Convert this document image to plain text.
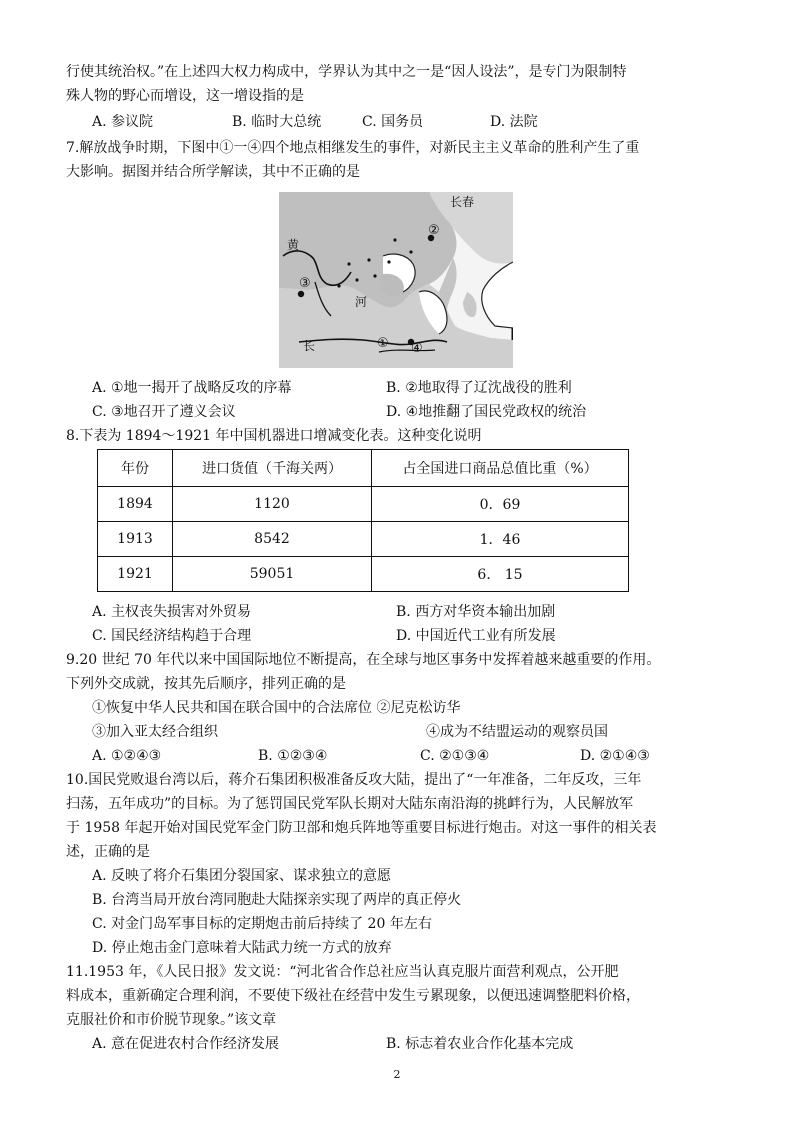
行使其统治权。”在上述四大权力构成中，学界认为其中之一是“因人设法”，是专门为限制特
殊人物的野心而增设，这一增设指的是
A. 参议院	B. 临时大总统	C. 国务员	D. 法院
7.解放战争时期，下图中①一④四个地点相继发生的事件，对新民主主义革命的胜利产生了重
大影响。据图并结合所学解读，其中不正确的是
①
②
③
④
长春
黄
河
长
A. ①地一揭开了战略反攻的序幕	B. ②地取得了辽沈战役的胜利
C. ③地召开了遵义会议	D. ④地推翻了国民党政权的统治
8.下表为 1894～1921 年中国机器进口增减变化表。这种变化说明
年份	进口货值（千海关两）	占全国进口商品总值比重（%）
1894	1120	0．69
1913	8542	1．46
1921	59051	6． 15
A. 主权丧失损害对外贸易	B. 西方对华资本输出加剧
C. 国民经济结构趋于合理	D. 中国近代工业有所发展
9.20 世纪 70 年代以来中国国际地位不断提高，在全球与地区事务中发挥着越来越重要的作用。
下列外交成就，按其先后顺序，排列正确的是
①恢复中华人民共和国在联合国中的合法席位 ②尼克松访华
③加入亚太经合组织	④成为不结盟运动的观察员国
A. ①②④③	B. ①②③④	C. ②①③④	D. ②①④③
10.国民党败退台湾以后，蒋介石集团积极准备反攻大陆，提出了“一年准备，二年反攻，三年
扫荡，五年成功”的目标。为了惩罚国民党军队长期对大陆东南沿海的挑衅行为，人民解放军
于 1958 年起开始对国民党军金门防卫部和炮兵阵地等重要目标进行炮击。对这一事件的相关表
述，正确的是
A. 反映了将介石集团分裂国家、谋求独立的意愿
B. 台湾当局开放台湾同胞赴大陆探亲实现了两岸的真正停火
C. 对金门岛军事目标的定期炮击前后持续了 20 年左右
D. 停止炮击金门意味着大陆武力统一方式的放弃
11.1953 年，《人民日报》发文说：“河北省合作总社应当认真克服片面营利观点，公开肥
料成本，重新确定合理利润，不要使下级社在经营中发生亏累现象，以便迅速调整肥料价格，
克服社价和市价脱节现象。”该文章
A. 意在促进农村合作经济发展	B. 标志着农业合作化基本完成
2
